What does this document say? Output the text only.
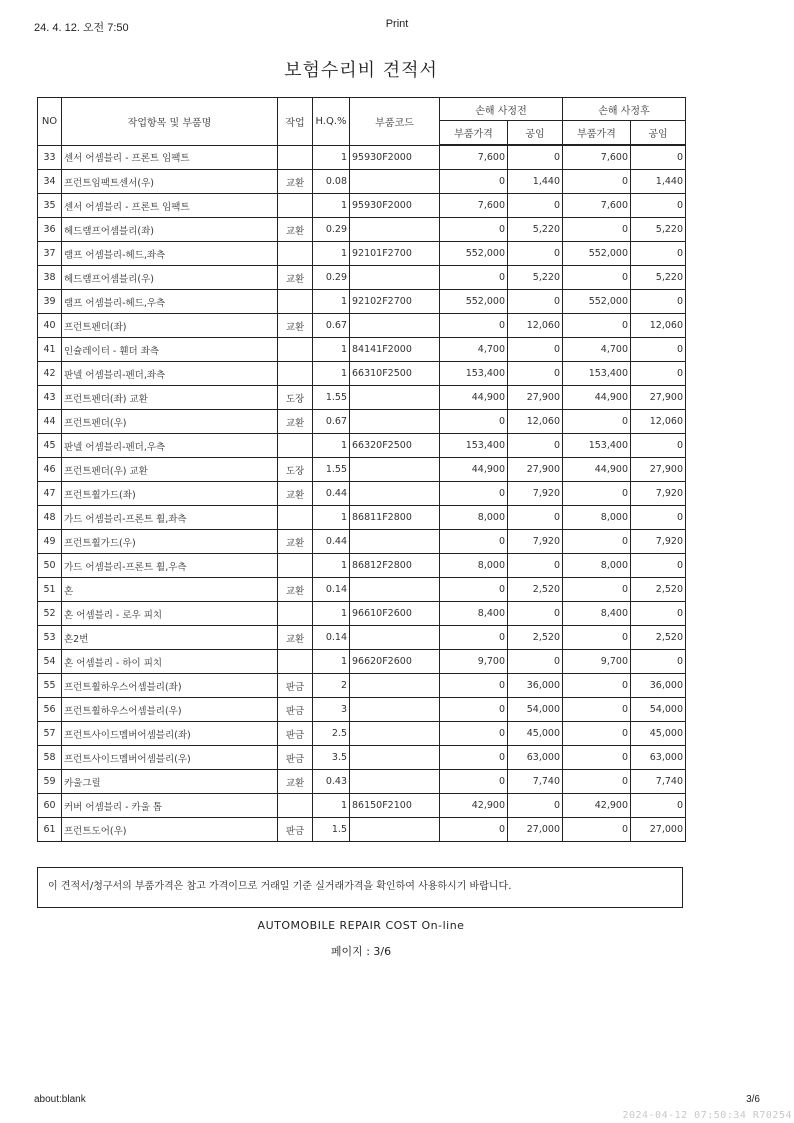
24. 4. 12. 오전 7:50	Print
보험수리비 견적서
NO	작업항목 및 부품명	작업	H.Q.%	부품코드	손해 사정전		손해 사정후	
					부품가격	공임	부품가격	공임
33	센서 어셈블리 - 프론트 임팩트		1	95930F2000	7,600	0	7,600	0
34	프런트임팩트센서(우)	교환	0.08		0	1,440	0	1,440
35	센서 어셈블리 - 프론트 임팩트		1	95930F2000	7,600	0	7,600	0
36	헤드램프어셈블리(좌)	교환	0.29		0	5,220	0	5,220
37	램프 어셈블리-헤드,좌측		1	92101F2700	552,000	0	552,000	0
38	헤드램프어셈블리(우)	교환	0.29		0	5,220	0	5,220
39	램프 어셈블리-헤드,우측		1	92102F2700	552,000	0	552,000	0
40	프런트펜더(좌)	교환	0.67		0	12,060	0	12,060
41	인슐레이터 - 휀더 좌측		1	84141F2000	4,700	0	4,700	0
42	판넬 어셈블리-펜더,좌측		1	66310F2500	153,400	0	153,400	0
43	프런트펜더(좌) 교환	도장	1.55		44,900	27,900	44,900	27,900
44	프런트펜더(우)	교환	0.67		0	12,060	0	12,060
45	판넬 어셈블리-펜더,우측		1	66320F2500	153,400	0	153,400	0
46	프런트펜더(우) 교환	도장	1.55		44,900	27,900	44,900	27,900
47	프런트휠가드(좌)	교환	0.44		0	7,920	0	7,920
48	가드 어셈블리-프론트 휠,좌측		1	86811F2800	8,000	0	8,000	0
49	프런트휠가드(우)	교환	0.44		0	7,920	0	7,920
50	가드 어셈블리-프론트 휠,우측		1	86812F2800	8,000	0	8,000	0
51	혼	교환	0.14		0	2,520	0	2,520
52	혼 어셈블리 - 로우 피치		1	96610F2600	8,400	0	8,400	0
53	혼2번	교환	0.14		0	2,520	0	2,520
54	혼 어셈블리 - 하이 피치		1	96620F2600	9,700	0	9,700	0
55	프런트휠하우스어셈블리(좌)	판금	2		0	36,000	0	36,000
56	프런트휠하우스어셈블리(우)	판금	3		0	54,000	0	54,000
57	프런트사이드멤버어셈블리(좌)	판금	2.5		0	45,000	0	45,000
58	프런트사이드멤버어셈블리(우)	판금	3.5		0	63,000	0	63,000
59	카울그릴	교환	0.43		0	7,740	0	7,740
60	커버 어셈블리 - 카울 톱		1	86150F2100	42,900	0	42,900	0
61	프런트도어(우)	판금	1.5		0	27,000	0	27,000
이 견적서/청구서의 부품가격은 참고 가격이므로 거래일 기준 실거래가격을 확인하여 사용하시기 바랍니다.
AUTOMOBILE REPAIR COST On-line
페이지 : 3/6
about:blank	3/6
2024-04-12 07:50:34 R70254
